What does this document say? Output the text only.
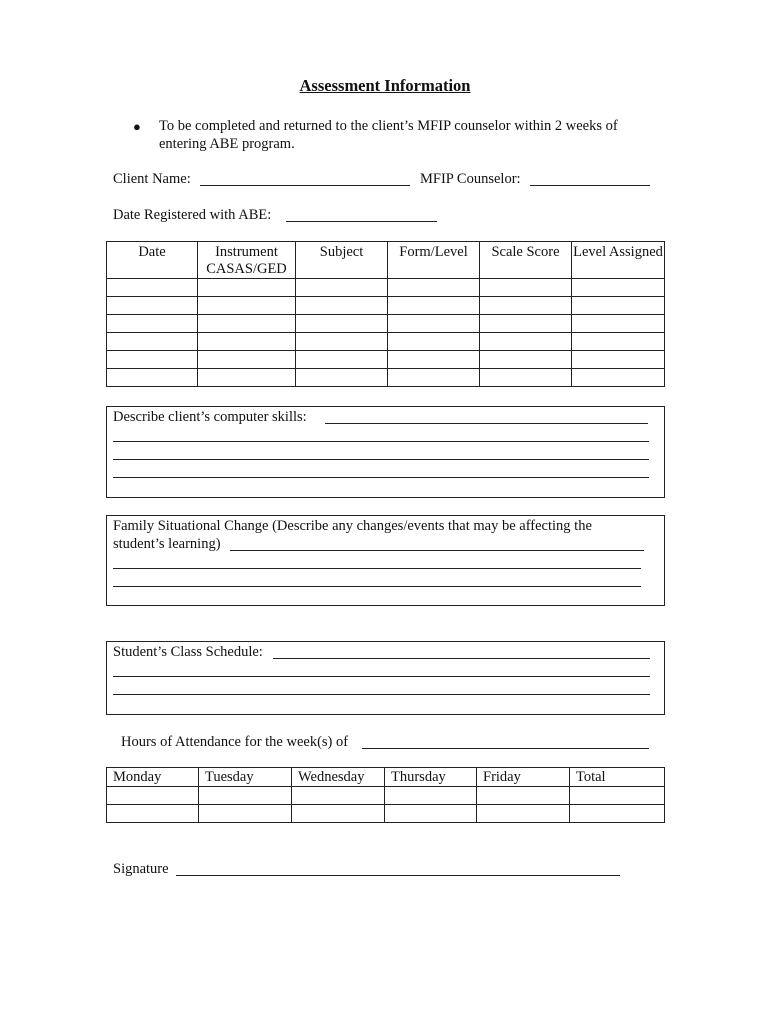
Assessment Information
● To be completed and returned to the client’s MFIP counselor within 2 weeks of entering ABE program.
Client Name:	MFIP Counselor:
Date Registered with ABE:
Date	Instrument CASAS/GED	Subject	Form/Level	Scale Score	Level Assigned

Describe client’s computer skills:
Family Situational Change (Describe any changes/events that may be affecting the
student’s learning)
Student’s Class Schedule:
Hours of Attendance for the week(s) of
Monday	Tuesday	Wednesday	Thursday	Friday	Total

Signature
